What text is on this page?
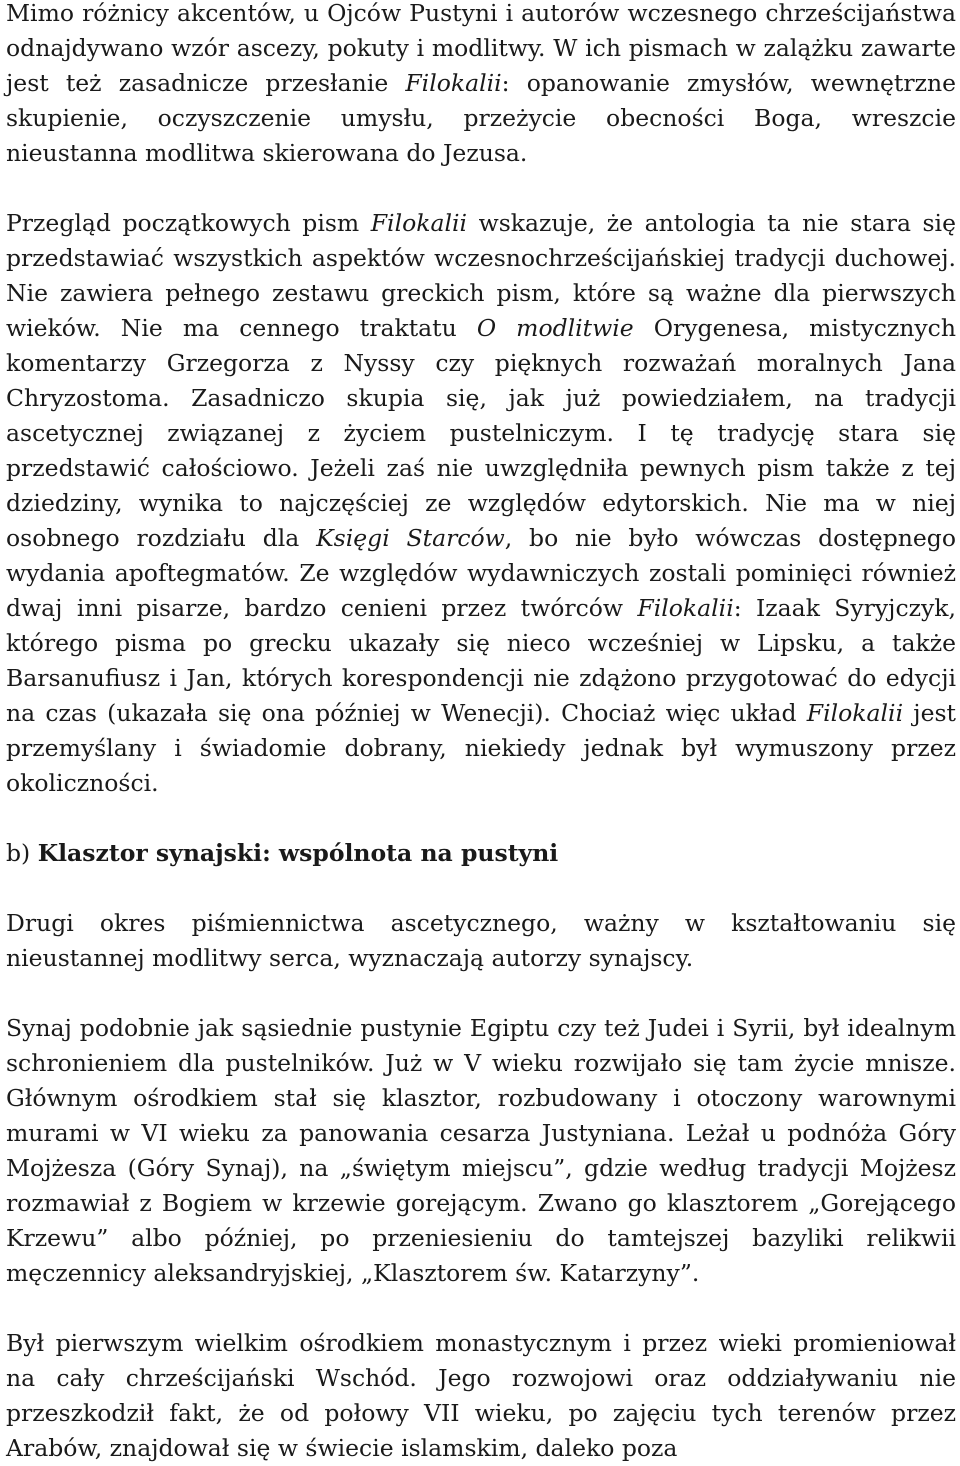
Mimo różnicy akcentów, u Ojców Pustyni i autorów wczesnego chrześcijaństwa odnajdywano wzór ascezy, pokuty i modlitwy. W ich pismach w zalążku zawarte jest też zasadnicze przesłanie Filokalii: opanowanie zmysłów, wewnętrzne skupienie, oczyszczenie umysłu, przeżycie obecności Boga, wreszcie nieustanna modlitwa skierowana do Jezusa.

Przegląd początkowych pism Filokalii wskazuje, że antologia ta nie stara się przedstawiać wszystkich aspektów wczesnochrześcijańskiej tradycji duchowej. Nie zawiera pełnego zestawu greckich pism, które są ważne dla pierwszych wieków. Nie ma cennego traktatu O modlitwie Orygenesa, mistycznych komentarzy Grzegorza z Nyssy czy pięknych rozważań moralnych Jana Chryzostoma. Zasadniczo skupia się, jak już powiedziałem, na tradycji ascetycznej związanej z życiem pustelniczym. I tę tradycję stara się przedstawić całościowo. Jeżeli zaś nie uwzględniła pewnych pism także z tej dziedziny, wynika to najczęściej ze względów edytorskich. Nie ma w niej osobnego rozdziału dla Księgi Starców, bo nie było wówczas dostępnego wydania apoftegmatów. Ze względów wydawniczych zostali pominięci również dwaj inni pisarze, bardzo cenieni przez twórców Filokalii: Izaak Syryjczyk, którego pisma po grecku ukazały się nieco wcześniej w Lipsku, a także Barsanufiusz i Jan, których korespondencji nie zdążono przygotować do edycji na czas (ukazała się ona później w Wenecji). Chociaż więc układ Filokalii jest przemyślany i świadomie dobrany, niekiedy jednak był wymuszony przez okoliczności.

b) Klasztor synajski: wspólnota na pustyni

Drugi okres piśmiennictwa ascetycznego, ważny w kształtowaniu się nieustannej modlitwy serca, wyznaczają autorzy synajscy.

Synaj podobnie jak sąsiednie pustynie Egiptu czy też Judei i Syrii, był idealnym schronieniem dla pustelników. Już w V wieku rozwijało się tam życie mnisze. Głównym ośrodkiem stał się klasztor, rozbudowany i otoczony warownymi murami w VI wieku za panowania cesarza Justyniana. Leżał u podnóża Góry Mojżesza (Góry Synaj), na „świętym miejscu”, gdzie według tradycji Mojżesz rozmawiał z Bogiem w krzewie gorejącym. Zwano go klasztorem „Gorejącego Krzewu” albo później, po przeniesieniu do tamtejszej bazyliki relikwii męczennicy aleksandryjskiej, „Klasztorem św. Katarzyny”.

Był pierwszym wielkim ośrodkiem monastycznym i przez wieki promieniował na cały chrześcijański Wschód. Jego rozwojowi oraz oddziaływaniu nie przeszkodził fakt, że od połowy VII wieku, po zajęciu tych terenów przez Arabów, znajdował się w świecie islamskim, daleko poza
